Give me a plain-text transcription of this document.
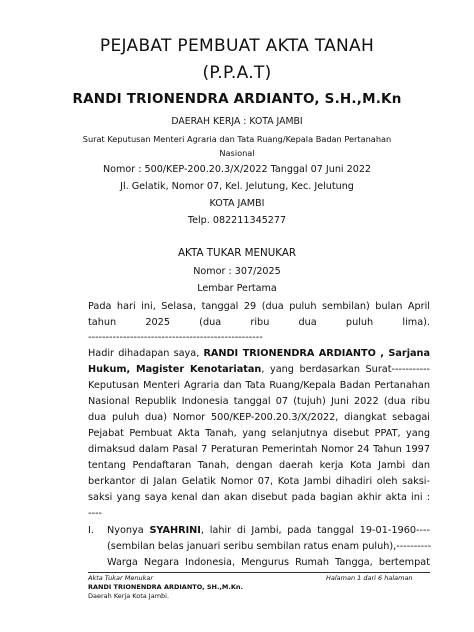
PEJABAT PEMBUAT AKTA TANAH
(P.P.A.T)
RANDI TRIONENDRA ARDIANTO, S.H.,M.Kn
DAERAH KERJA : KOTA JAMBI
Surat Keputusan Menteri Agraria dan Tata Ruang/Kepala Badan Pertanahan
Nasional
Nomor : 500/KEP-200.20.3/X/2022 Tanggal 07 Juni 2022
Jl. Gelatik, Nomor 07, Kel. Jelutung, Kec. Jelutung
KOTA JAMBI
Telp. 082211345277
AKTA TUKAR MENUKAR
Nomor : 307/2025
Lembar Pertama
Pada hari ini, Selasa, tanggal 29 (dua puluh sembilan) bulan April
tahun 2025 (dua ribu dua puluh lima).
--------------------------------------------------
Hadir dihadapan saya, RANDI TRIONENDRA ARDIANTO , Sarjana
Hukum, Magister Kenotariatan, yang berdasarkan Surat-----------
Keputusan Menteri Agraria dan Tata Ruang/Kepala Badan Pertanahan
Nasional Republik Indonesia tanggal 07 (tujuh) Juni 2022 (dua ribu
dua puluh dua) Nomor 500/KEP-200.20.3/X/2022, diangkat sebagai
Pejabat Pembuat Akta Tanah, yang selanjutnya disebut PPAT, yang
dimaksud dalam Pasal 7 Peraturan Pemerintah Nomor 24 Tahun 1997
tentang Pendaftaran Tanah, dengan daerah kerja Kota Jambi dan
berkantor di Jalan Gelatik Nomor 07, Kota Jambi dihadiri oleh saksi-
saksi yang saya kenal dan akan disebut pada bagian akhir akta ini :
----
I. Nyonya SYAHRINI, lahir di Jambi, pada tanggal 19-01-1960----
(sembilan belas januari seribu sembilan ratus enam puluh),----------
Warga Negara Indonesia, Mengurus Rumah Tangga, bertempat
Akta Tukar Menukar	Halaman 1 dari 6 halaman
RANDI TRIONENDRA ARDIANTO, SH.,M.Kn.
Daerah Kerja Kota Jambi.
